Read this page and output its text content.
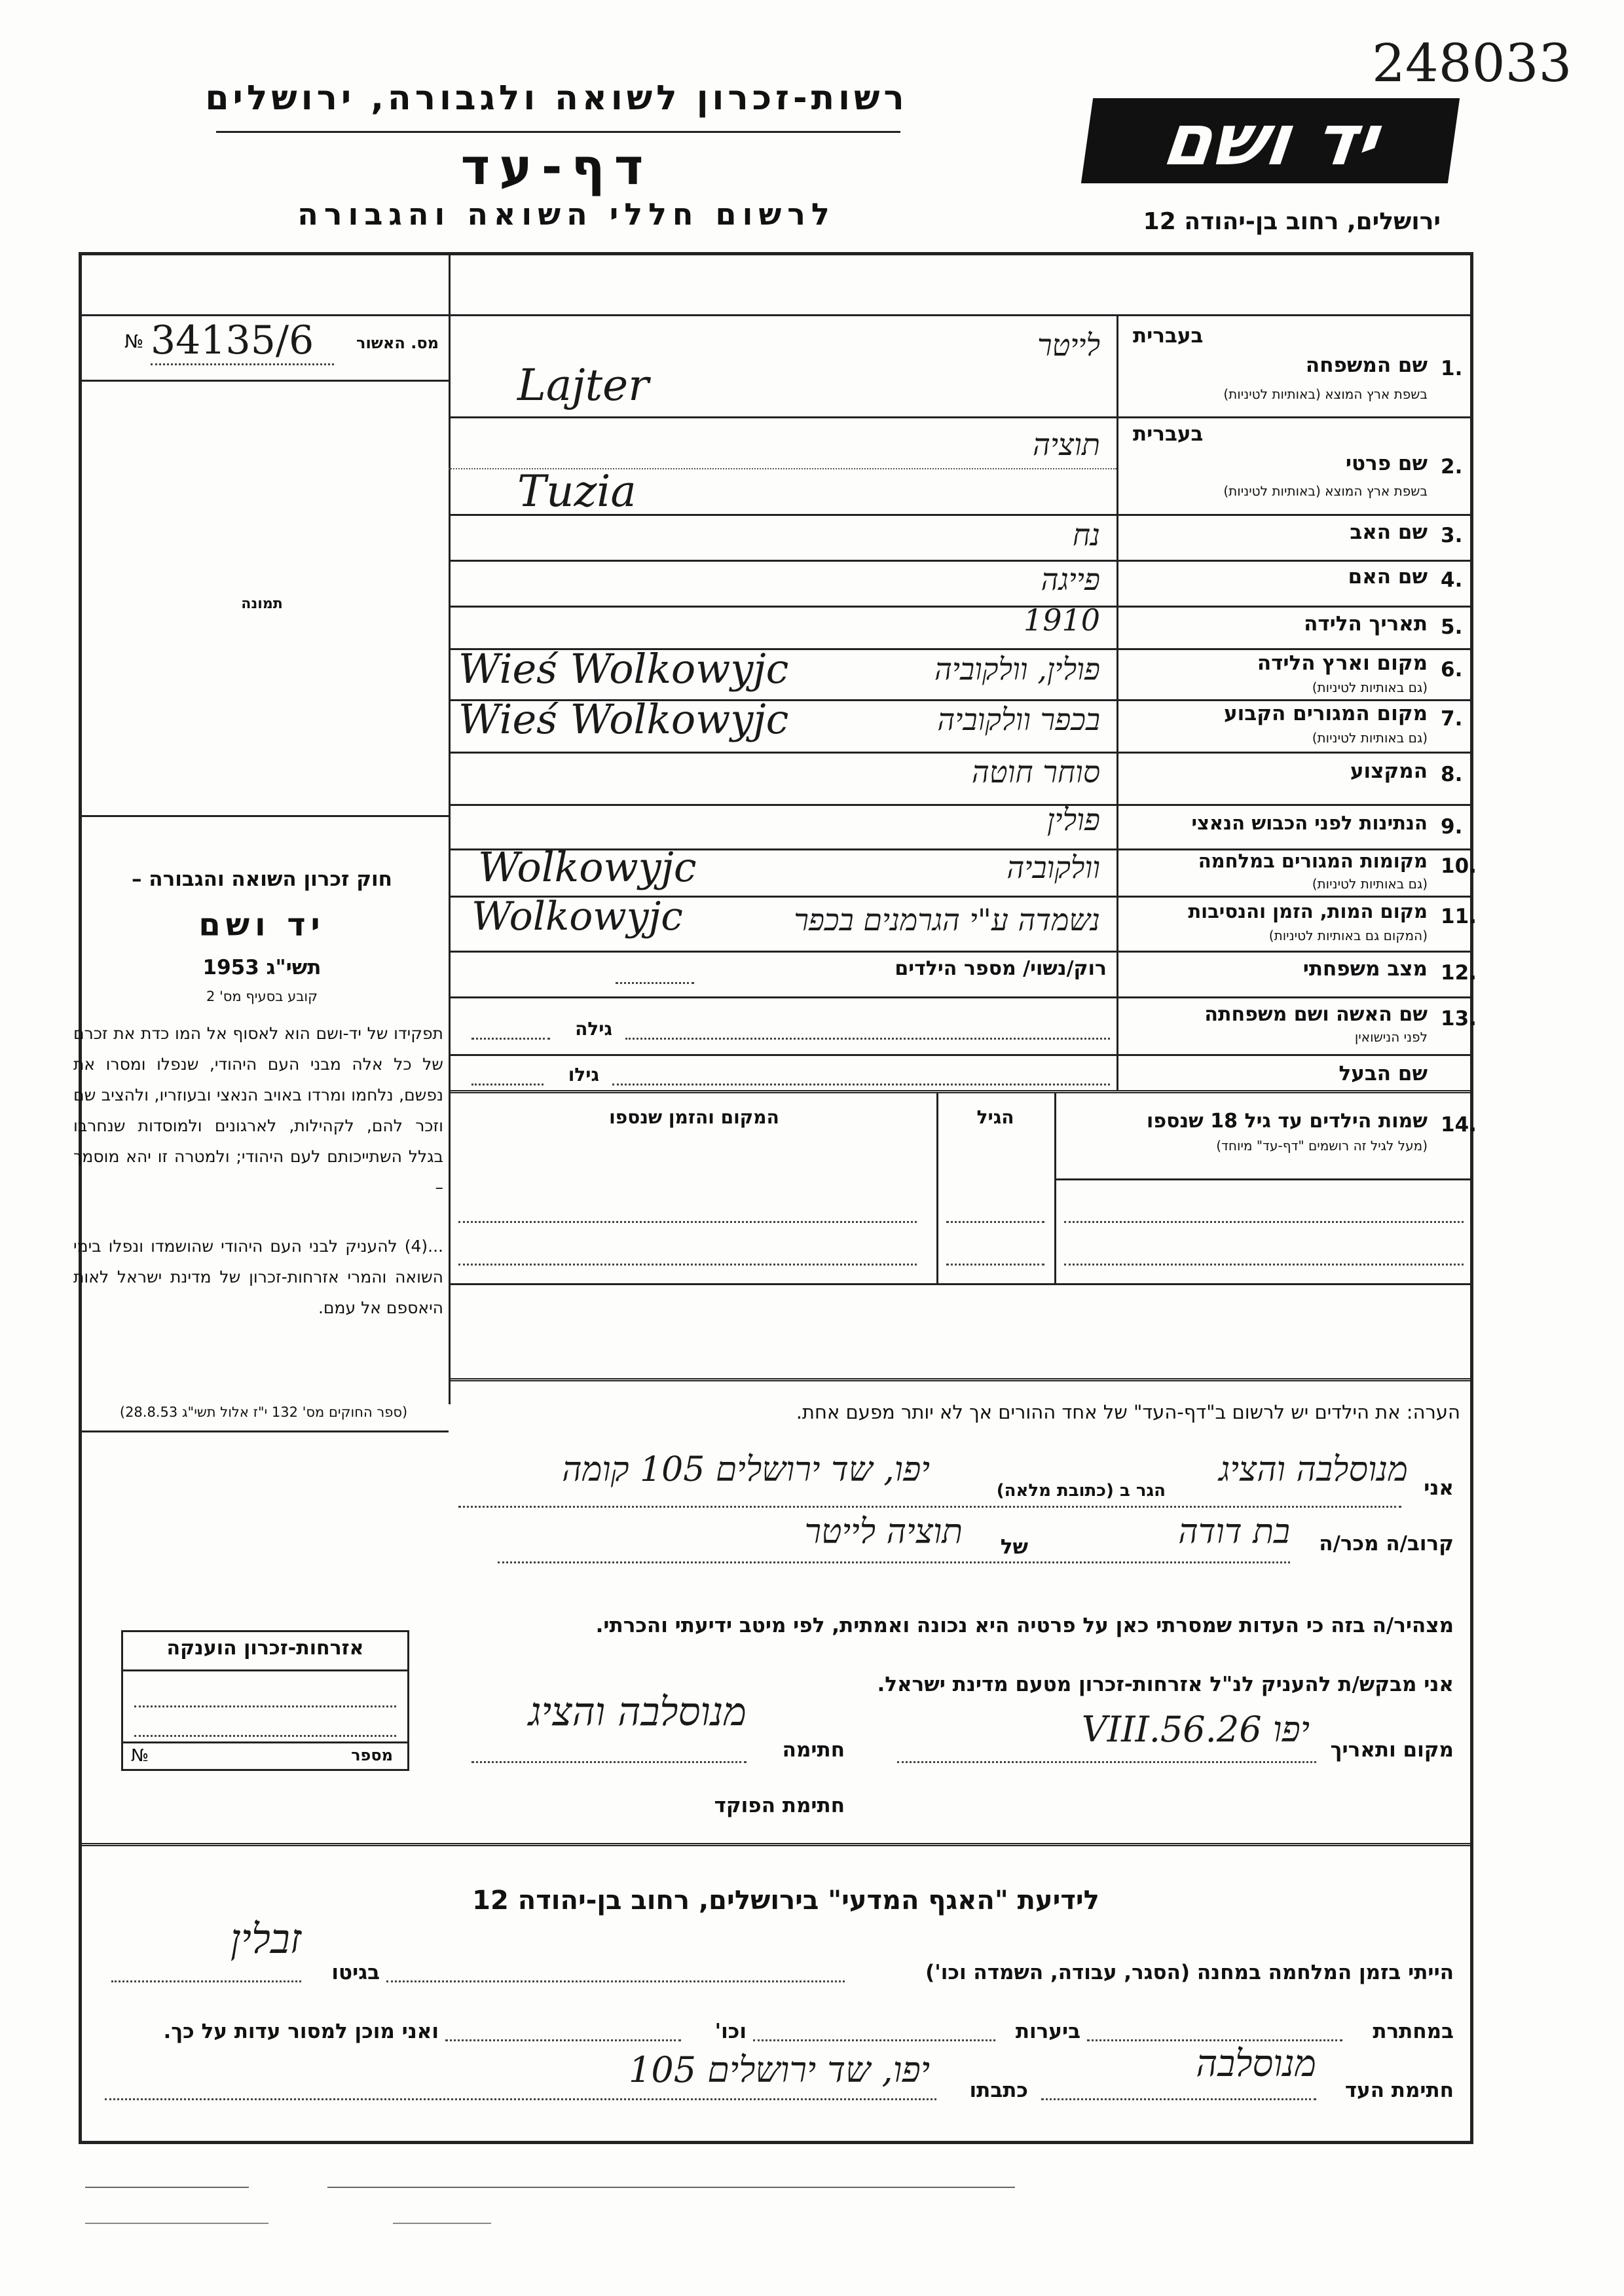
248033
רשות-זכרון לשואה ולגבורה, ירושלים
דף-עד
לרשום חללי השואה והגבורה
יד ושם
ירושלים, רחוב בן-יהודה 12
№ 34135/6	מס. האשור
תמונה
חוק זכרון השואה והגבורה –
יד ושם
תשי"ג 1953
קובע בסעיף מס' 2
תפקידו של יד-ושם הוא לאסוף אל המו כדת את זכרם של כל אלה מבני העם היהודי, שנפלו ומסרו את נפשם, נלחמו ומרדו באויב הנאצי ובעוזריו, ולהציב שם וזכר להם, לקהילות, לארגונים ולמוסדות שנחרבו בגלל השתייכותם לעם היהודי; ולמטרה זו יהא מוסמך –
...(4) להעניק לבני העם היהודי שהושמדו ונפלו בימי השואה והמרי אזרחות-זכרון של מדינת ישראל לאות היאספם אל עמם.
(ספר החוקים מס' 132 י"ז אלול תשי"ג 28.8.53)
בעברית
1.
שם המשפחה
בשפת ארץ המוצא (באותיות לטיניות)
לייטר
Lajter
בעברית
2.
שם פרטי
בשפת ארץ המוצא (באותיות לטיניות)
תוציה
Tuzia
3.
שם האב
נח
4.
שם האם
פייגה
5.
תאריך הלידה
1910
6.
מקום וארץ הלידה
(גם באותיות לטיניות)
פולין, וולקוביה
Wieś Wolkowyjc
7.
מקום המגורים הקבוע
(גם באותיות לטיניות)
בכפר וולקוביה
Wieś Wolkowyjc
8.
המקצוע
סוחר חוטה
9.
הנתינות לפני הכבוש הנאצי
פולין
10.
מקומות המגורים במלחמה
(גם באותיות לטיניות)
וולקוביה
Wolkowyjc
11.
מקום המות, הזמן והנסיבות
(המקום גם באותיות לטיניות)
נשמדה ע"י הגרמנים בכפר
Wolkowyjc
12.
מצב משפחתי
רוק/נשוי/ מספר הילדים
13.
שם האשה ושם משפחתה
לפני הנישואין
גילה
שם הבעל
גילו
14.
שמות הילדים עד גיל 18 שנספו
(מעל לגיל זה רושמים "דף-עד" מיוחד)
הגיל
המקום והזמן שנספו
הערה: את הילדים יש לרשום ב"דף-העד" של אחד ההורים אך לא יותר מפעם אחת.
אני
מנוסלבה והציג
הגר ב (כתובת מלאה)
יפו, שד ירושלים 105 קומה
קרוב/ה מכר/ה
בת דודה
של
תוציה לייטר
מצהיר/ה בזה כי העדות שמסרתי כאן על פרטיה היא נכונה ואמתית, לפי מיטב ידיעתי והכרתי.
אני מבקש/ת להעניק לנ"ל אזרחות-זכרון מטעם מדינת ישראל.
מקום ותאריך
יפו 26.VIII.56
חתימה
מנוסלבה והציג
חתימת הפוקד
אזרחות-זכרון הוענקה
מספר
№
לידיעת "האגף המדעי" בירושלים, רחוב בן-יהודה 12
הייתי בזמן המלחמה במחנה (הסגר, עבודה, השמדה וכו')
בגיטו
זבלין
במחתרת
ביערות
וכו'
ואני מוכן למסור עדות על כך.
חתימת העד
מנוסלבה
כתבתו
יפו, שד ירושלים 105
